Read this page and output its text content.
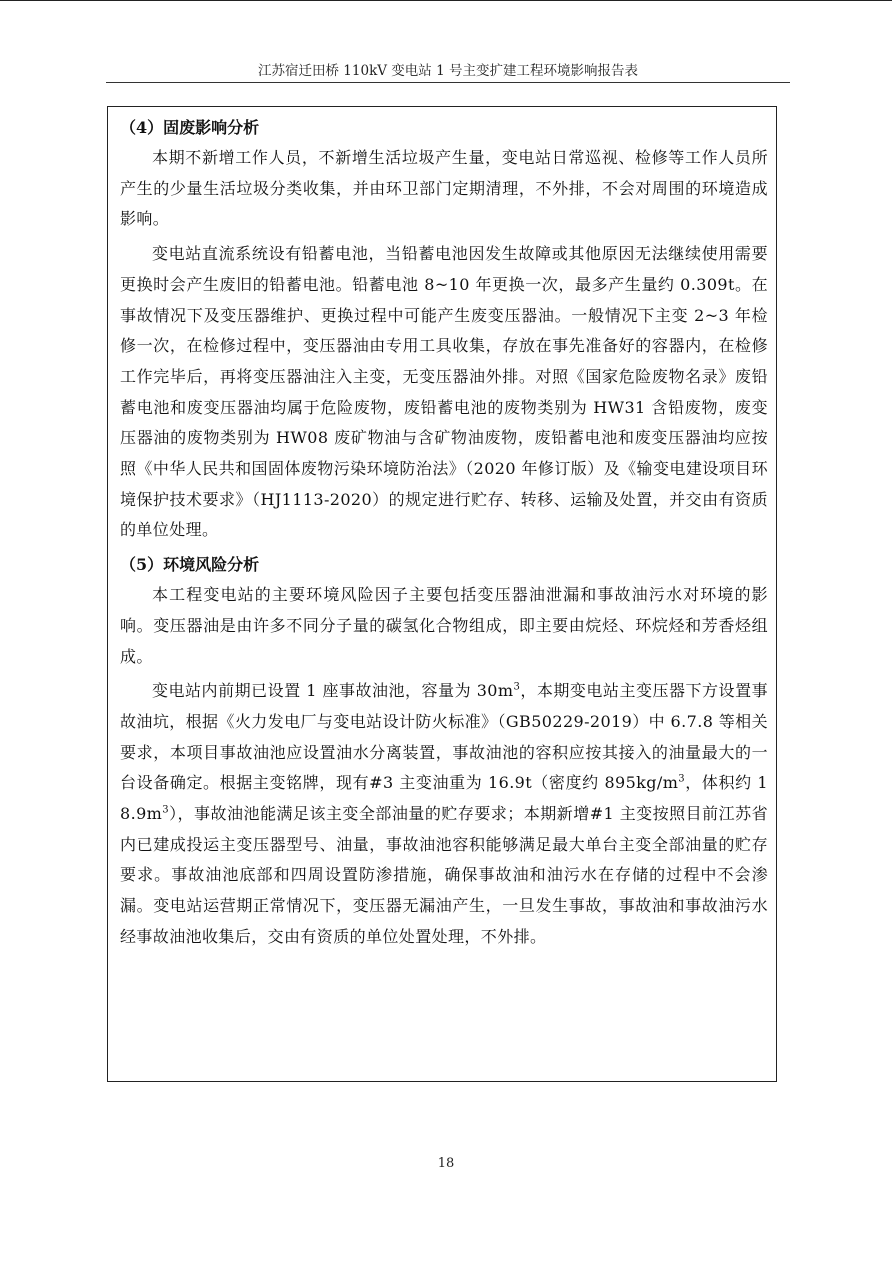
江苏宿迁田桥 110kV 变电站 1 号主变扩建工程环境影响报告表

（4）固废影响分析

本期不新增工作人员，不新增生活垃圾产生量，变电站日常巡视、检修等工作人员所产生的少量生活垃圾分类收集，并由环卫部门定期清理，不外排，不会对周围的环境造成影响。

变电站直流系统设有铅蓄电池，当铅蓄电池因发生故障或其他原因无法继续使用需要更换时会产生废旧的铅蓄电池。铅蓄电池 8~10 年更换一次，最多产生量约 0.309t。在事故情况下及变压器维护、更换过程中可能产生废变压器油。一般情况下主变 2~3 年检修一次，在检修过程中，变压器油由专用工具收集，存放在事先准备好的容器内，在检修工作完毕后，再将变压器油注入主变，无变压器油外排。对照《国家危险废物名录》废铅蓄电池和废变压器油均属于危险废物，废铅蓄电池的废物类别为 HW31 含铅废物，废变压器油的废物类别为 HW08 废矿物油与含矿物油废物，废铅蓄电池和废变压器油均应按照《中华人民共和国固体废物污染环境防治法》（2020 年修订版）及《输变电建设项目环境保护技术要求》（HJ1113-2020）的规定进行贮存、转移、运输及处置，并交由有资质的单位处理。

（5）环境风险分析

本工程变电站的主要环境风险因子主要包括变压器油泄漏和事故油污水对环境的影响。变压器油是由许多不同分子量的碳氢化合物组成，即主要由烷烃、环烷烃和芳香烃组成。

变电站内前期已设置 1 座事故油池，容量为 $30m^3$，本期变电站主变压器下方设置事故油坑，根据《火力发电厂与变电站设计防火标准》（GB50229-2019）中 6.7.8 等相关要求，本项目事故油池应设置油水分离装置，事故油池的容积应按其接入的油量最大的一台设备确定。根据主变铭牌，现有#3 主变油重为 16.9t（密度约 $895kg/m^3$，体积约 $18.9m^3$），事故油池能满足该主变全部油量的贮存要求；本期新增#1 主变按照目前江苏省内已建成投运主变压器型号、油量，事故油池容积能够满足最大单台主变全部油量的贮存要求。事故油池底部和四周设置防渗措施，确保事故油和油污水在存储的过程中不会渗漏。变电站运营期正常情况下，变压器无漏油产生，一旦发生事故，事故油和事故油污水经事故油池收集后，交由有资质的单位处置处理，不外排。

18
